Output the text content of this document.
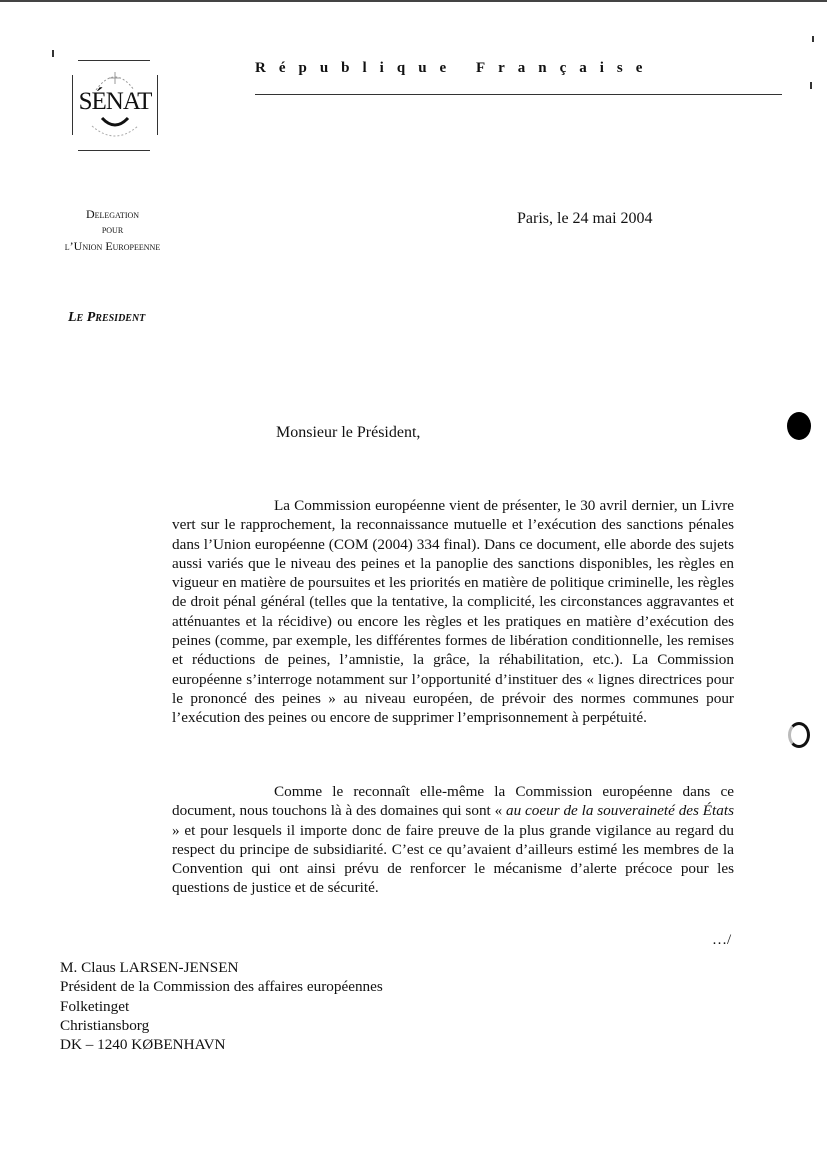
SÉNAT
République Française
Delegation
pour
l’Union Europeenne
Le President
Paris, le 24 mai 2004
Monsieur le Président,
La Commission européenne vient de présenter, le 30 avril dernier, un Livre vert sur le rapprochement, la reconnaissance mutuelle et l’exécution des sanctions pénales dans l’Union européenne (COM (2004) 334 final). Dans ce document, elle aborde des sujets aussi variés que le niveau des peines et la panoplie des sanctions disponibles, les règles en vigueur en matière de poursuites et les priorités en matière de politique criminelle, les règles de droit pénal général (telles que la tentative, la complicité, les circonstances aggravantes et atténuantes et la récidive) ou encore les règles et les pratiques en matière d’exécution des peines (comme, par exemple, les différentes formes de libération conditionnelle, les remises et réductions de peines, l’amnistie, la grâce, la réhabilitation, etc.). La Commission européenne s’interroge notamment sur l’opportunité d’instituer des « lignes directrices pour le prononcé des peines » au niveau européen, de prévoir des normes communes pour l’exécution des peines ou encore de supprimer l’emprisonnement à perpétuité.
Comme le reconnaît elle-même la Commission européenne dans ce document, nous touchons là à des domaines qui sont « au coeur de la souveraineté des États » et pour lesquels il importe donc de faire preuve de la plus grande vigilance au regard du respect du principe de subsidiarité. C’est ce qu’avaient d’ailleurs estimé les membres de la Convention qui ont ainsi prévu de renforcer le mécanisme d’alerte précoce pour les questions de justice et de sécurité.
…/
M. Claus LARSEN-JENSEN
Président de la Commission des affaires européennes
Folketinget
Christiansborg
DK – 1240 KØBENHAVN
